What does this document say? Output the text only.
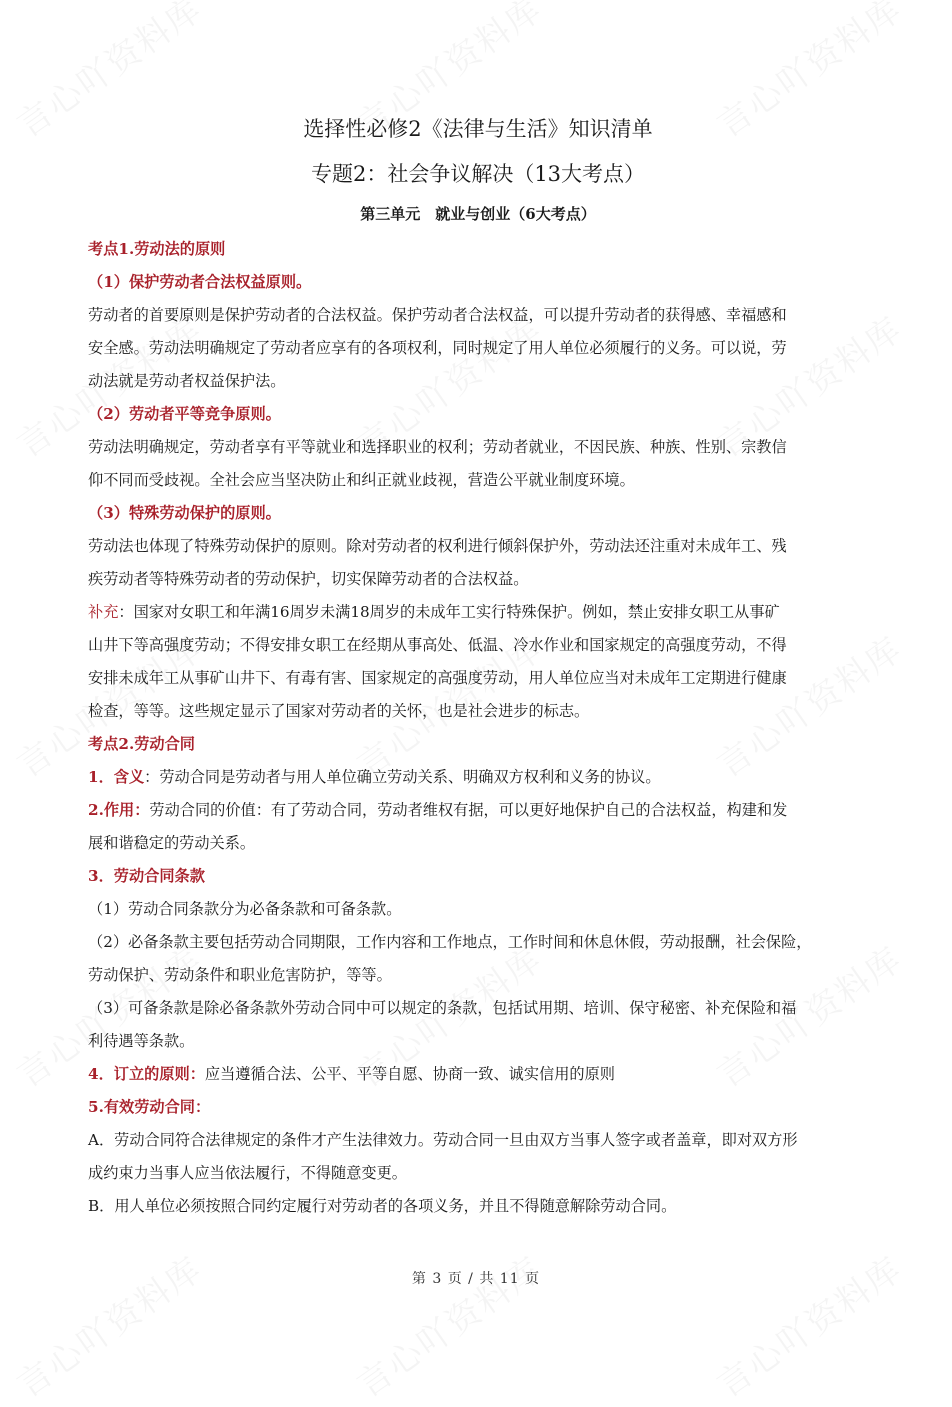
选择性必修2《法律与生活》知识清单
专题2：社会争议解决（13大考点）
第三单元　就业与创业（6大考点）

考点1.劳动法的原则

（1）保护劳动者合法权益原则。

劳动者的首要原则是保护劳动者的合法权益。保护劳动者合法权益，可以提升劳动者的获得感、幸福感和

安全感。劳动法明确规定了劳动者应享有的各项权利，同时规定了用人单位必须履行的义务。可以说，劳

动法就是劳动者权益保护法。

（2）劳动者平等竞争原则。

劳动法明确规定，劳动者享有平等就业和选择职业的权利；劳动者就业，不因民族、种族、性别、宗教信

仰不同而受歧视。全社会应当坚决防止和纠正就业歧视，营造公平就业制度环境。

（3）特殊劳动保护的原则。

劳动法也体现了特殊劳动保护的原则。除对劳动者的权利进行倾斜保护外，劳动法还注重对未成年工、残

疾劳动者等特殊劳动者的劳动保护，切实保障劳动者的合法权益。

补充：国家对女职工和年满16周岁未满18周岁的未成年工实行特殊保护。例如，禁止安排女职工从事矿

山井下等高强度劳动；不得安排女职工在经期从事高处、低温、冷水作业和国家规定的高强度劳动，不得

安排未成年工从事矿山井下、有毒有害、国家规定的高强度劳动，用人单位应当对未成年工定期进行健康

检查，等等。这些规定显示了国家对劳动者的关怀，也是社会进步的标志。

考点2.劳动合同

1．含义：劳动合同是劳动者与用人单位确立劳动关系、明确双方权利和义务的协议。

2.作用：劳动合同的价值：有了劳动合同，劳动者维权有据，可以更好地保护自己的合法权益，构建和发

展和谐稳定的劳动关系。

3．劳动合同条款

（1）劳动合同条款分为必备条款和可备条款。

（2）必备条款主要包括劳动合同期限，工作内容和工作地点，工作时间和休息休假，劳动报酬，社会保险，

劳动保护、劳动条件和职业危害防护，等等。

（3）可备条款是除必备条款外劳动合同中可以规定的条款，包括试用期、培训、保守秘密、补充保险和福

利待遇等条款。

4．订立的原则：应当遵循合法、公平、平等自愿、协商一致、诚实信用的原则

5.有效劳动合同：

A．劳动合同符合法律规定的条件才产生法律效力。劳动合同一旦由双方当事人签字或者盖章，即对双方形

成约束力当事人应当依法履行，不得随意变更。

B．用人单位必须按照合同约定履行对劳动者的各项义务，并且不得随意解除劳动合同。

第 3 页 / 共 11 页
